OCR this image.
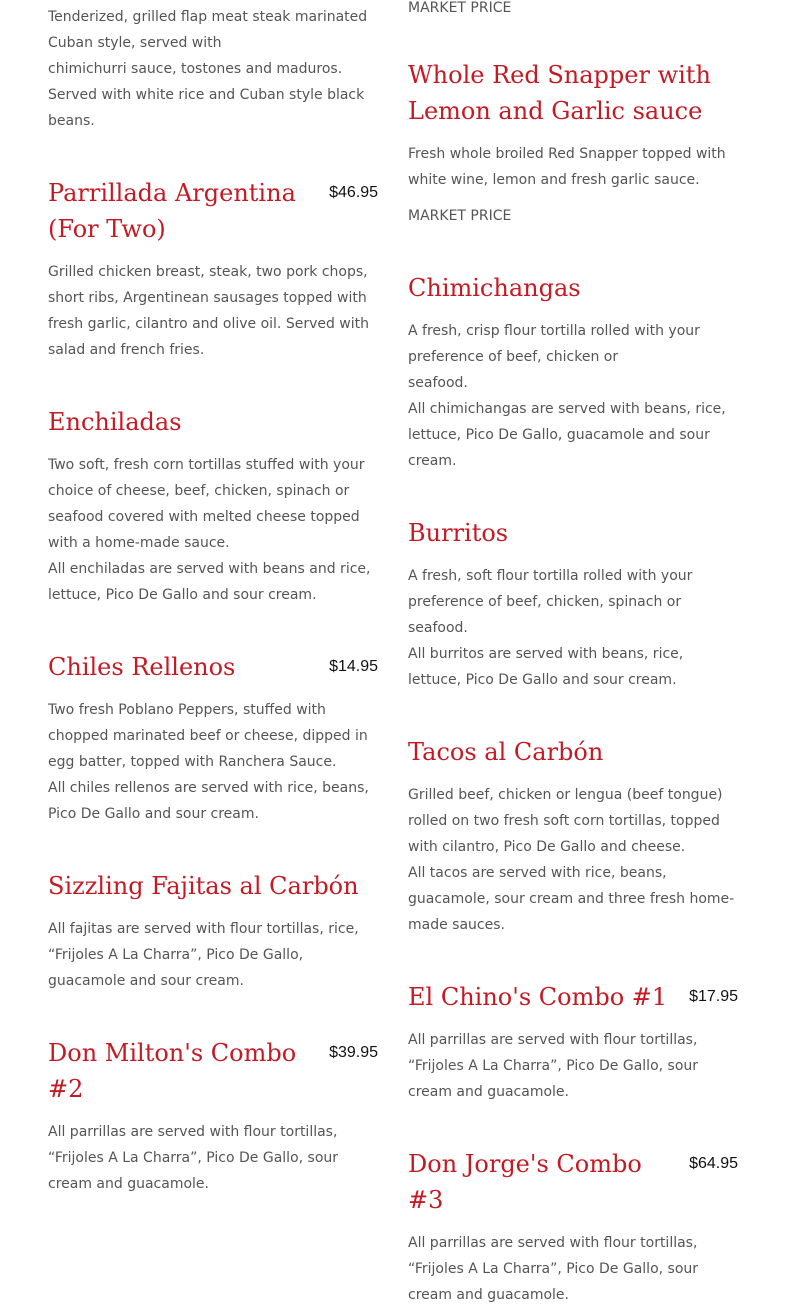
Tenderized, grilled flap meat steak marinated

Cuban style, served with

chimichurri sauce, tostones and maduros.

Served with white rice and Cuban style black

beans.

Parrillada Argentina (For Two)
$46.95

Grilled chicken breast, steak, two pork chops, short ribs, Argentinean sausages topped with fresh garlic, cilantro and olive oil. Served with salad and french fries.

Enchiladas

Two soft, fresh corn tortillas stuffed with your choice of cheese, beef, chicken, spinach or seafood covered with melted cheese topped with a home-made sauce.

All enchiladas are served with beans and rice, lettuce, Pico De Gallo and sour cream.

Chiles Rellenos	$14.95

Two fresh Poblano Peppers, stuffed with chopped marinated beef or cheese, dipped in egg batter, topped with Ranchera Sauce.

All chiles rellenos are served with rice, beans, Pico De Gallo and sour cream.

Sizzling Fajitas al Carbón

All fajitas are served with flour tortillas, rice, “Frijoles A La Charra”, Pico De Gallo, guacamole and sour cream.

Don Milton's Combo #2
$39.95

All parrillas are served with flour tortillas, “Frijoles A La Charra”, Pico De Gallo, sour cream and guacamole.

MARKET PRICE
Whole Red Snapper with Lemon and Garlic sauce

Fresh whole broiled Red Snapper topped with white wine, lemon and fresh garlic sauce.

MARKET PRICE
Chimichangas

A fresh, crisp flour tortilla rolled with your preference of beef, chicken or

seafood.

All chimichangas are served with beans, rice, lettuce, Pico De Gallo, guacamole and sour cream.

Burritos

A fresh, soft flour tortilla rolled with your preference of beef, chicken, spinach or seafood.

All burritos are served with beans, rice, lettuce, Pico De Gallo and sour cream.

Tacos al Carbón

Grilled beef, chicken or lengua (beef tongue) rolled on two fresh soft corn tortillas, topped with cilantro, Pico De Gallo and cheese.

All tacos are served with rice, beans, guacamole, sour cream and three fresh home-made sauces.

El Chino's Combo #1	$17.95

All parrillas are served with flour tortillas, “Frijoles A La Charra”, Pico De Gallo, sour cream and guacamole.

Don Jorge's Combo #3
$64.95

All parrillas are served with flour tortillas, “Frijoles A La Charra”, Pico De Gallo, sour cream and guacamole.
